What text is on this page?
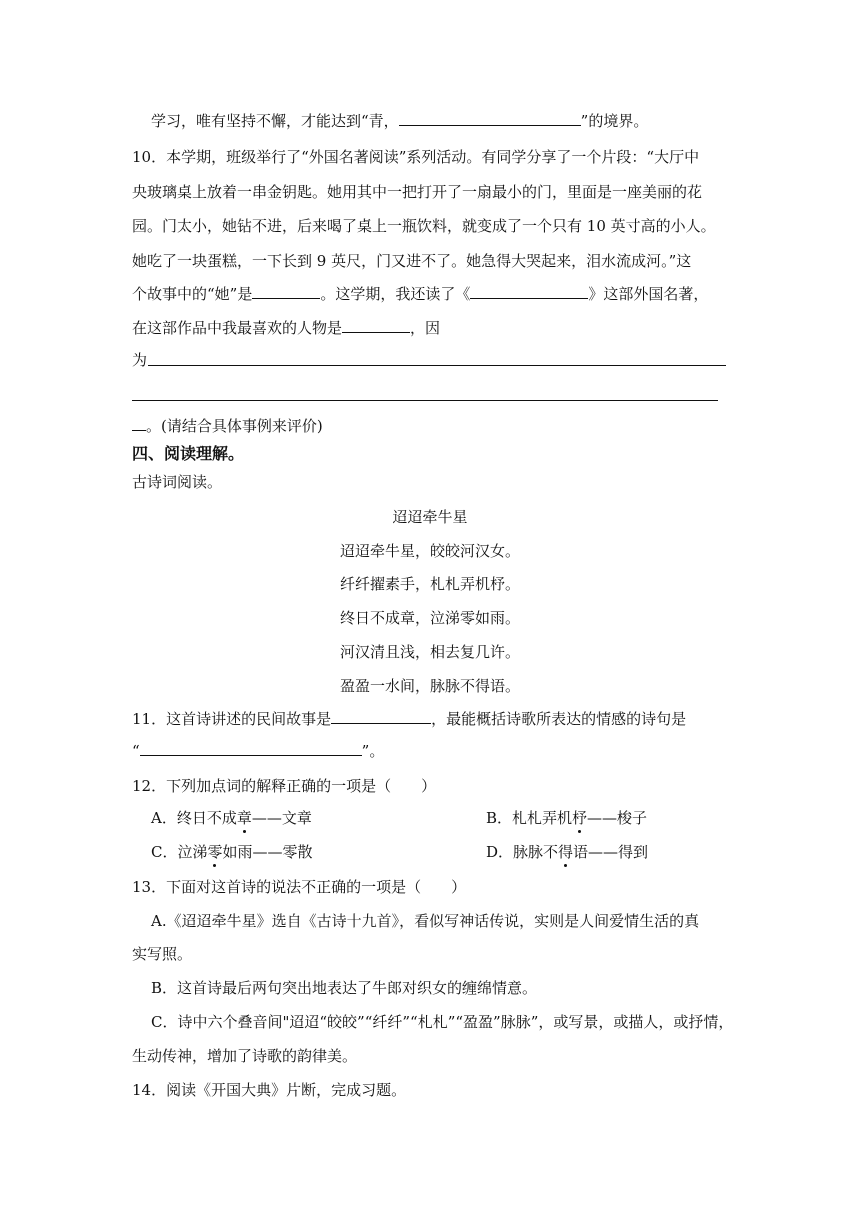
学习，唯有坚持不懈，才能达到“青，	”的境界。
10．本学期，班级举行了“外国名著阅读”系列活动。有同学分享了一个片段：“大厅中
央玻璃桌上放着一串金钥匙。她用其中一把打开了一扇最小的门，里面是一座美丽的花
园。门太小，她钻不进，后来喝了桌上一瓶饮料，就变成了一个只有 10 英寸高的小人。
她吃了一块蛋糕，一下长到 9 英尺，门又进不了。她急得大哭起来，泪水流成河。”这
个故事中的“她”是	。这学期，我还读了《	》这部外国名著，
在这部作品中我最喜欢的人物是	，因
为
。(请结合具体事例来评价)
四、阅读理解。
古诗词阅读。
迢迢牵牛星
迢迢牵牛星，皎皎河汉女。
纤纤擢素手，札札弄机杼。
终日不成章，泣涕零如雨。
河汉清且浅，相去复几许。
盈盈一水间，脉脉不得语。
11．这首诗讲述的民间故事是	，最能概括诗歌所表达的情感的诗句是
“	”。
12．下列加点词的解释正确的一项是（　　）
A．终日不成章——文章	B．札札弄机杼——梭子
C．泣涕零如雨——零散	D．脉脉不得语——得到
13．下面对这首诗的说法不正确的一项是（　　）
A.《迢迢牵牛星》选自《古诗十九首》，看似写神话传说，实则是人间爱情生活的真
实写照。
B．这首诗最后两句突出地表达了牛郎对织女的缠绵情意。
C．诗中六个叠音间"迢迢“皎皎”“纤纤”“札札”“盈盈”脉脉”，或写景，或描人，或抒情，
生动传神，增加了诗歌的韵律美。
14．阅读《开国大典》片断，完成习题。
